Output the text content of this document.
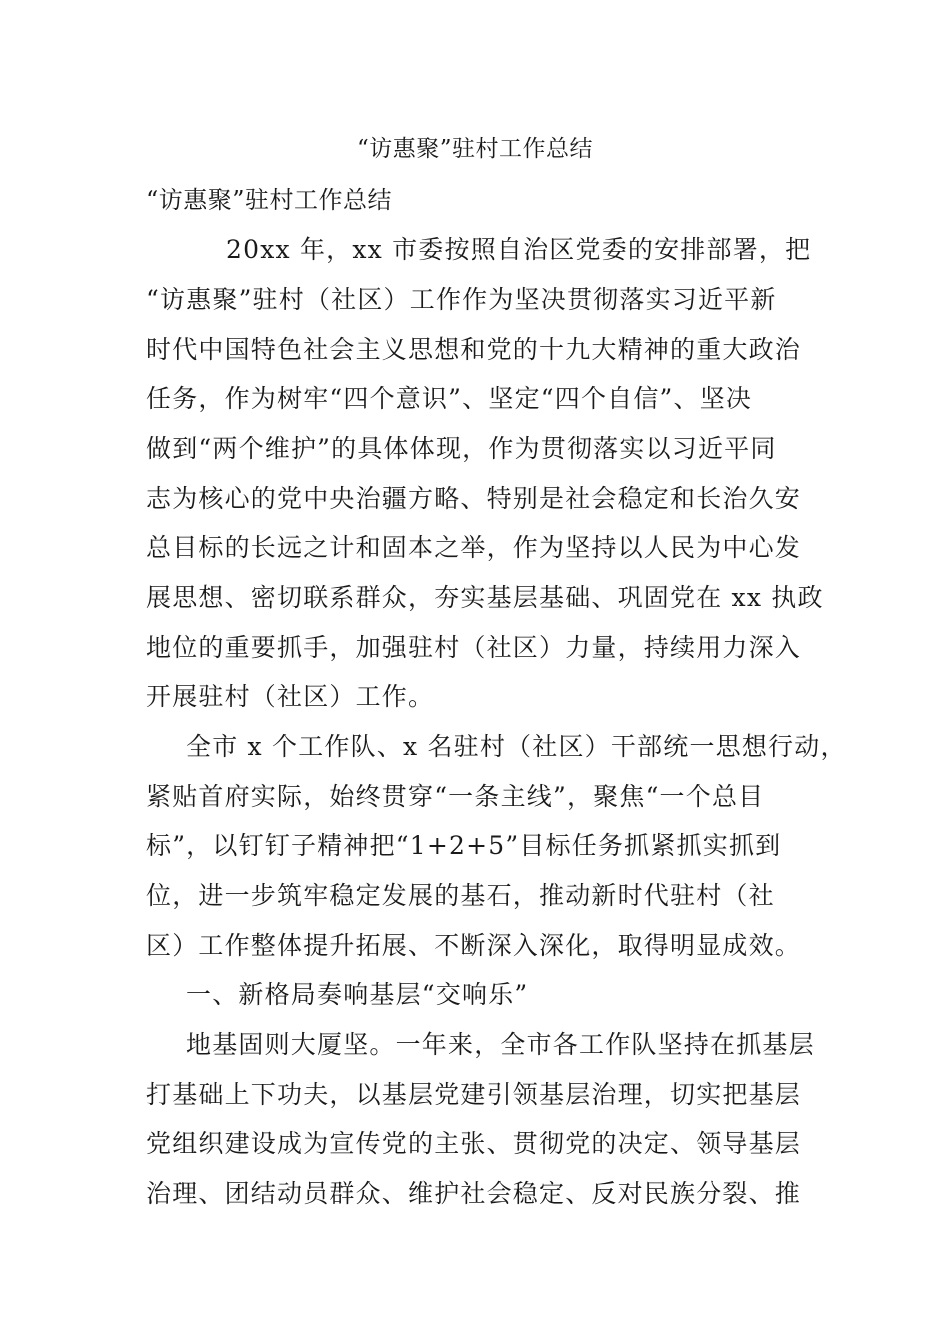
“访惠聚”驻村工作总结
“访惠聚”驻村工作总结
20xx 年，xx 市委按照自治区党委的安排部署，把
“访惠聚”驻村（社区）工作作为坚决贯彻落实习近平新
时代中国特色社会主义思想和党的十九大精神的重大政治
任务，作为树牢“四个意识”、坚定“四个自信”、坚决
做到“两个维护”的具体体现，作为贯彻落实以习近平同
志为核心的党中央治疆方略、特别是社会稳定和长治久安
总目标的长远之计和固本之举，作为坚持以人民为中心发
展思想、密切联系群众，夯实基层基础、巩固党在 xx 执政
地位的重要抓手，加强驻村（社区）力量，持续用力深入
开展驻村（社区）工作。
全市 x 个工作队、x 名驻村（社区）干部统一思想行动，
紧贴首府实际，始终贯穿“一条主线”，聚焦“一个总目
标”，以钉钉子精神把“1+2+5”目标任务抓紧抓实抓到
位，进一步筑牢稳定发展的基石，推动新时代驻村（社
区）工作整体提升拓展、不断深入深化，取得明显成效。
一、新格局奏响基层“交响乐”
地基固则大厦坚。一年来，全市各工作队坚持在抓基层
打基础上下功夫，以基层党建引领基层治理，切实把基层
党组织建设成为宣传党的主张、贯彻党的决定、领导基层
治理、团结动员群众、维护社会稳定、反对民族分裂、推
